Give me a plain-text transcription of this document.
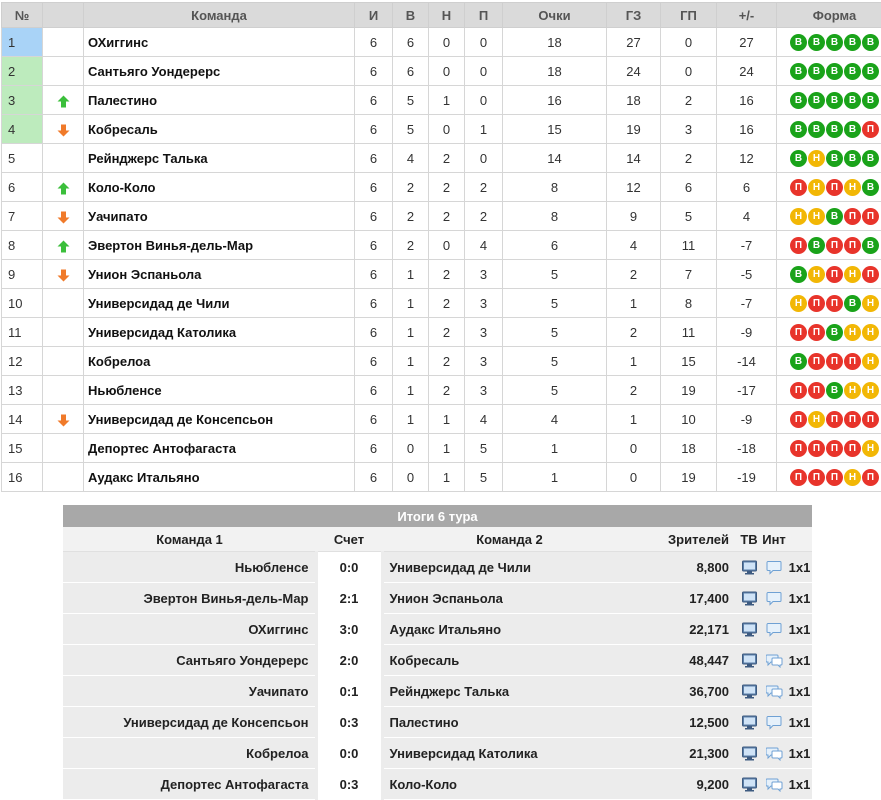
№		Команда	И	В	Н	П	Очки	ГЗ	ГП	+/-	Форма
1		ОХиггинс	6	6	0	0	18	27	0	27	В В В В В
2		Сантьяго Уондерерс	6	6	0	0	18	24	0	24	В В В В В
3		Палестино	6	5	1	0	16	18	2	16	В В В В В
4		Кобресаль	6	5	0	1	15	19	3	16	В В В В П
5		Рейнджерс Талька	6	4	2	0	14	14	2	12	В Н В В В
6		Коло-Коло	6	2	2	2	8	12	6	6	П Н П Н В
7		Уачипато	6	2	2	2	8	9	5	4	Н Н В П П
8		Эвертон Винья-дель-Мар	6	2	0	4	6	4	11	-7	П В П П В
9		Унион Эспаньола	6	1	2	3	5	2	7	-5	В Н П Н П
10		Универсидад де Чили	6	1	2	3	5	1	8	-7	Н П П В Н
11		Универсидад Католика	6	1	2	3	5	2	11	-9	П П В Н Н
12		Кобрелоа	6	1	2	3	5	1	15	-14	В П П П Н
13		Ньюбленсе	6	1	2	3	5	2	19	-17	П П В Н Н
14		Универсидад де Консепсьон	6	1	1	4	4	1	10	-9	П Н П П П
15		Депортес Антофагаста	6	0	1	5	1	0	18	-18	П П П П Н
16		Аудакс Итальяно	6	0	1	5	1	0	19	-19	П П П Н П
Итоги 6 тура						
Команда 1	Счет	Команда 2	Зрителей	ТВ	Инт	
Ньюбленсе	0:0	Универсидад де Чили	8,800			1x1
Эвертон Винья-дель-Мар	2:1	Унион Эспаньола	17,400			1x1
ОХиггинс	3:0	Аудакс Итальяно	22,171			1x1
Сантьяго Уондерерс	2:0	Кобресаль	48,447			1x1
Уачипато	0:1	Рейнджерс Талька	36,700			1x1
Универсидад де Консепсьон	0:3	Палестино	12,500			1x1
Кобрелоа	0:0	Универсидад Католика	21,300			1x1
Депортес Антофагаста	0:3	Коло-Коло	9,200			1x1
